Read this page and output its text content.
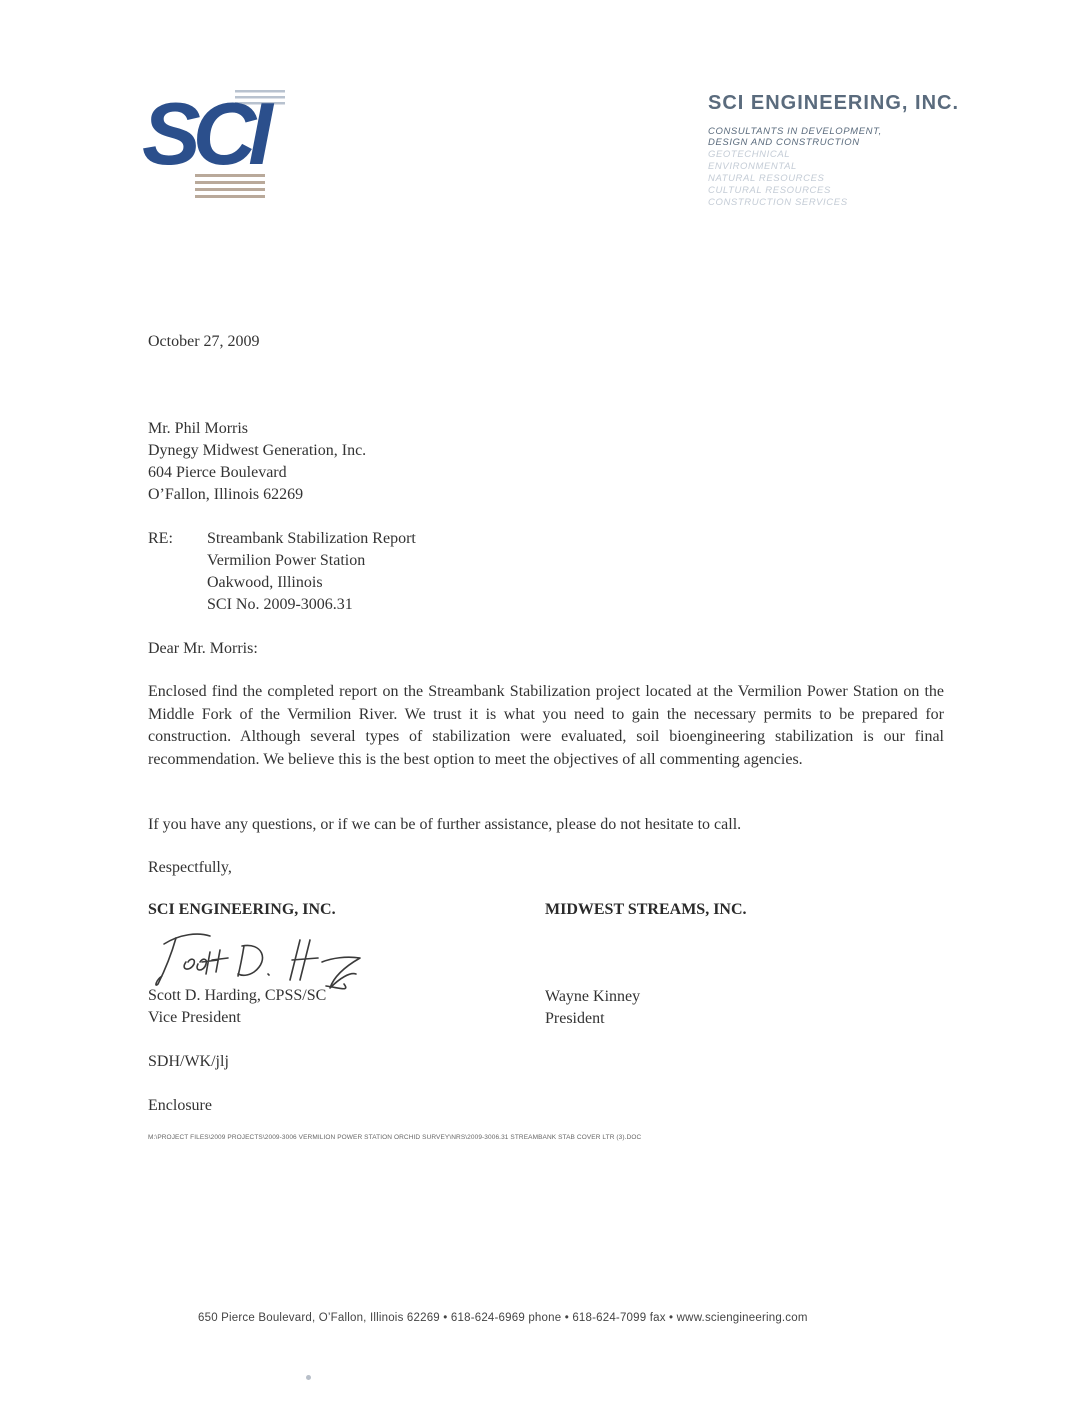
SCI	SCI ENGINEERING, INC.
CONSULTANTS IN DEVELOPMENT,
DESIGN AND CONSTRUCTION
GEOTECHNICAL
ENVIRONMENTAL
NATURAL RESOURCES
CULTURAL RESOURCES
CONSTRUCTION SERVICES
October 27, 2009
Mr. Phil Morris
Dynegy Midwest Generation, Inc.
604 Pierce Boulevard
O’Fallon, Illinois 62269
RE: Streambank Stabilization Report
Vermilion Power Station
Oakwood, Illinois
SCI No. 2009-3006.31
Dear Mr. Morris:
Enclosed find the completed report on the Streambank Stabilization project located at the Vermilion Power Station on the Middle Fork of the Vermilion River. We trust it is what you need to gain the necessary permits to be prepared for construction. Although several types of stabilization were evaluated, soil bioengineering stabilization is our final recommendation. We believe this is the best option to meet the objectives of all commenting agencies.
If you have any questions, or if we can be of further assistance, please do not hesitate to call.
Respectfully,
SCI ENGINEERING, INC.	MIDWEST STREAMS, INC.
Scott D. Harding, CPSS/SC
Vice President
Wayne Kinney
President
SDH/WK/jlj
Enclosure
M:\PROJECT FILES\2009 PROJECTS\2009-3006 VERMILION POWER STATION ORCHID SURVEY\NRS\2009-3006.31 STREAMBANK STAB COVER LTR (3).DOC
650 Pierce Boulevard, O’Fallon, Illinois 62269 • 618-624-6969 phone • 618-624-7099 fax • www.sciengineering.com
